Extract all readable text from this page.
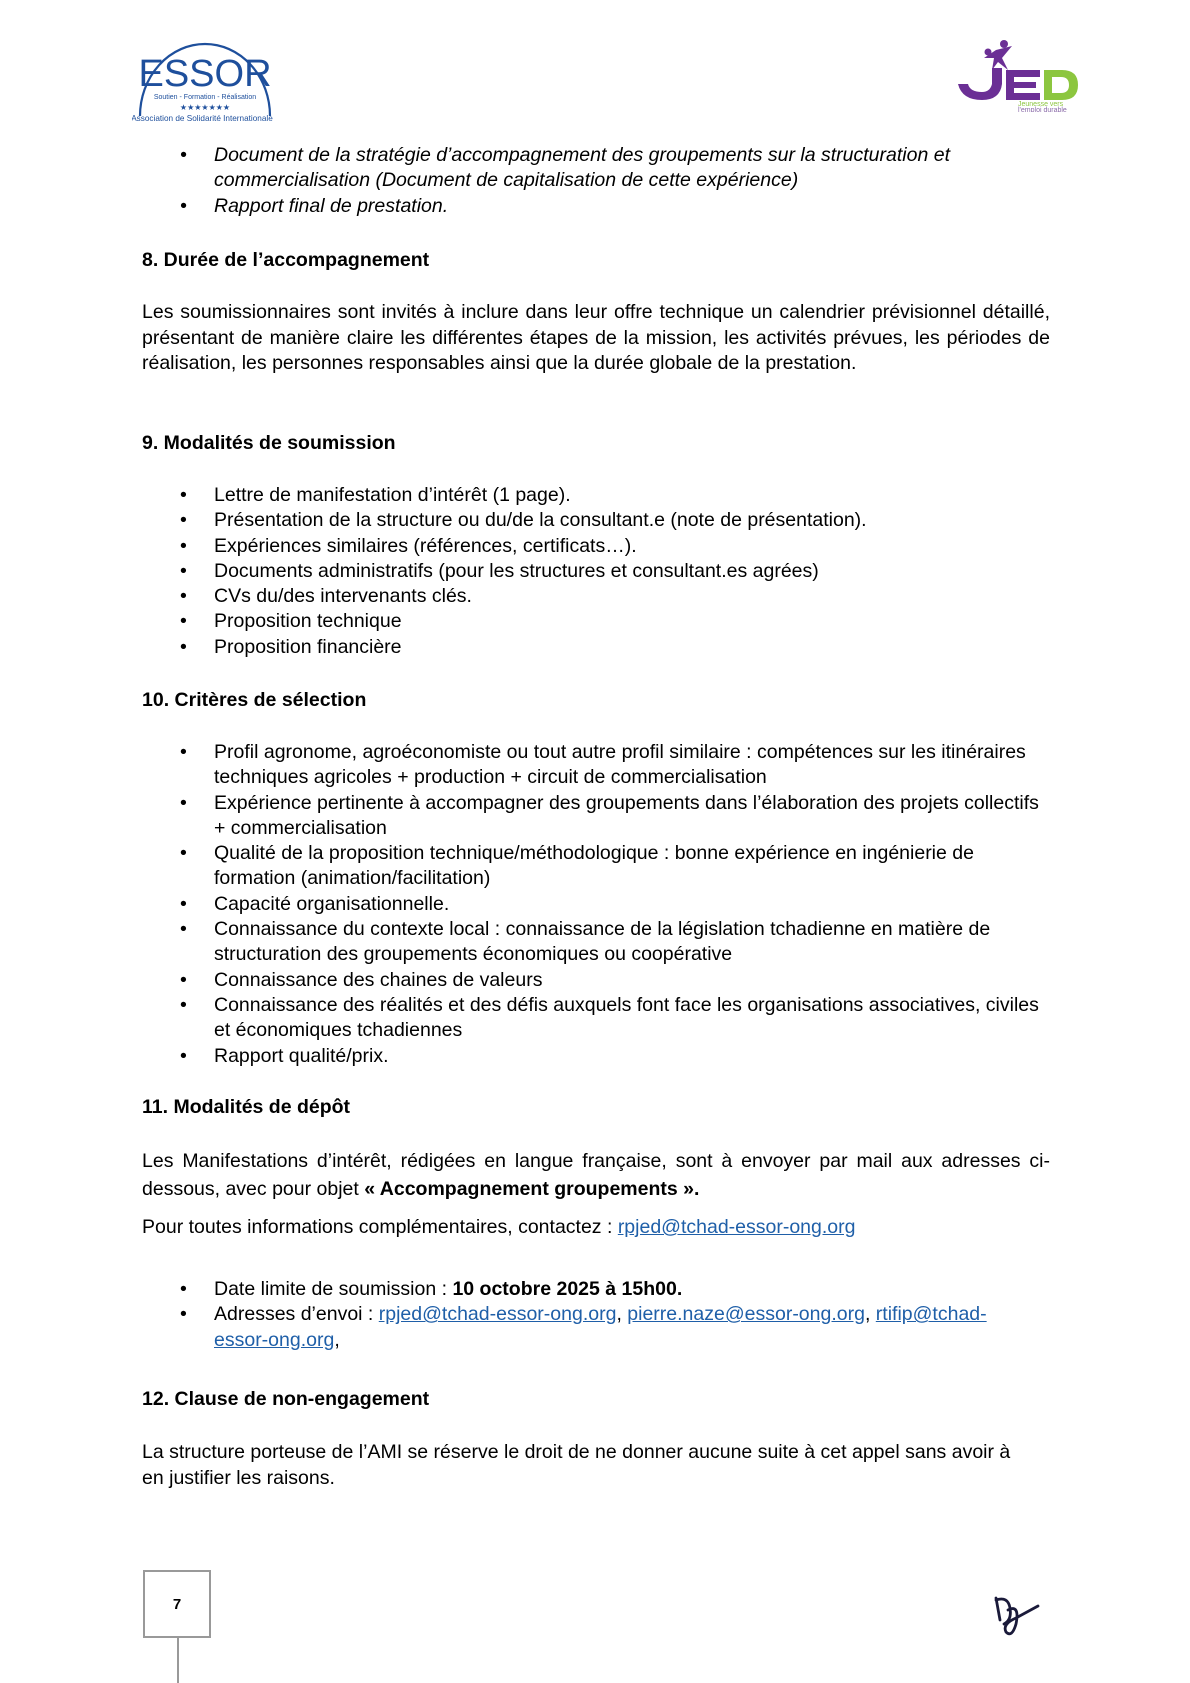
ESSOR
Soutien - Formation - Réalisation
★★★★★★★
Association de Solidarité Internationale
Jeunesse vers
l'emploi durable
• Document de la stratégie d’accompagnement des groupements sur la structuration et commercialisation (Document de capitalisation de cette expérience)
• Rapport final de prestation.
8. Durée de l’accompagnement
Les soumissionnaires sont invités à inclure dans leur offre technique un calendrier prévisionnel détaillé, présentant de manière claire les différentes étapes de la mission, les activités prévues, les périodes de réalisation, les personnes responsables ainsi que la durée globale de la prestation.
9. Modalités de soumission
• Lettre de manifestation d’intérêt (1 page).
• Présentation de la structure ou du/de la consultant.e (note de présentation).
• Expériences similaires (références, certificats…).
• Documents administratifs (pour les structures et consultant.es agrées)
• CVs du/des intervenants clés.
• Proposition technique
• Proposition financière
10. Critères de sélection
• Profil agronome, agroéconomiste ou tout autre profil similaire : compétences sur les itinéraires techniques agricoles + production + circuit de commercialisation
• Expérience pertinente à accompagner des groupements dans l’élaboration des projets collectifs + commercialisation
• Qualité de la proposition technique/méthodologique : bonne expérience en ingénierie de formation (animation/facilitation)
• Capacité organisationnelle.
• Connaissance du contexte local : connaissance de la législation tchadienne en matière de structuration des groupements économiques ou coopérative
• Connaissance des chaines de valeurs
• Connaissance des réalités et des défis auxquels font face les organisations associatives, civiles et économiques tchadiennes
• Rapport qualité/prix.
11. Modalités de dépôt
Les Manifestations d’intérêt, rédigées en langue française, sont à envoyer par mail aux adresses ci-dessous, avec pour objet « Accompagnement groupements ».
Pour toutes informations complémentaires, contactez : rpjed@tchad-essor-ong.org
• Date limite de soumission : 10 octobre 2025 à 15h00.
• Adresses d’envoi : rpjed@tchad-essor-ong.org, pierre.naze@essor-ong.org, rtifip@tchad-essor-ong.org,
12. Clause de non-engagement
La structure porteuse de l’AMI se réserve le droit de ne donner aucune suite à cet appel sans avoir à en justifier les raisons.
7
